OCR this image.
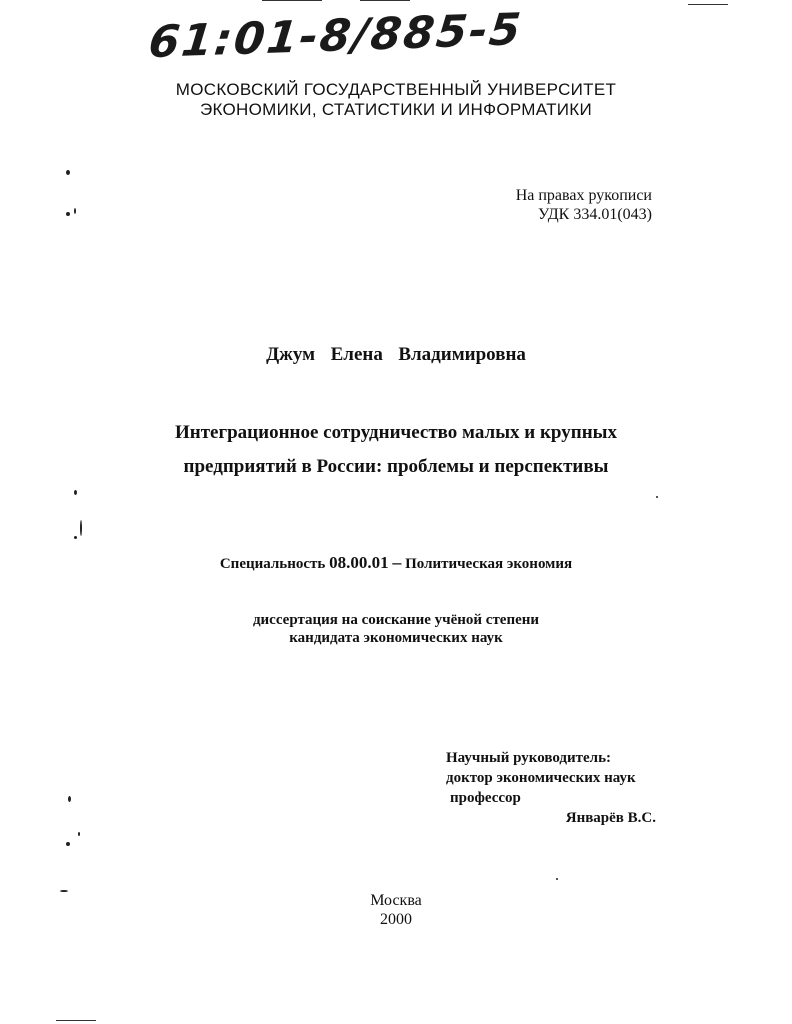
61:01-8/885-5
МОСКОВСКИЙ ГОСУДАРСТВЕННЫЙ УНИВЕРСИТЕТ
ЭКОНОМИКИ, СТАТИСТИКИ И ИНФОРМАТИКИ
На правах рукописи
УДК 334.01(043)
Джум  Елена  Владимировна
Интеграционное сотрудничество малых и крупных
предприятий в России: проблемы и перспективы
Специальность 08.00.01 – Политическая экономия
диссертация на соискание учёной степени
кандидата экономических наук
Научный руководитель:
доктор экономических наук
профессор
Январёв В.С.
Москва
2000
